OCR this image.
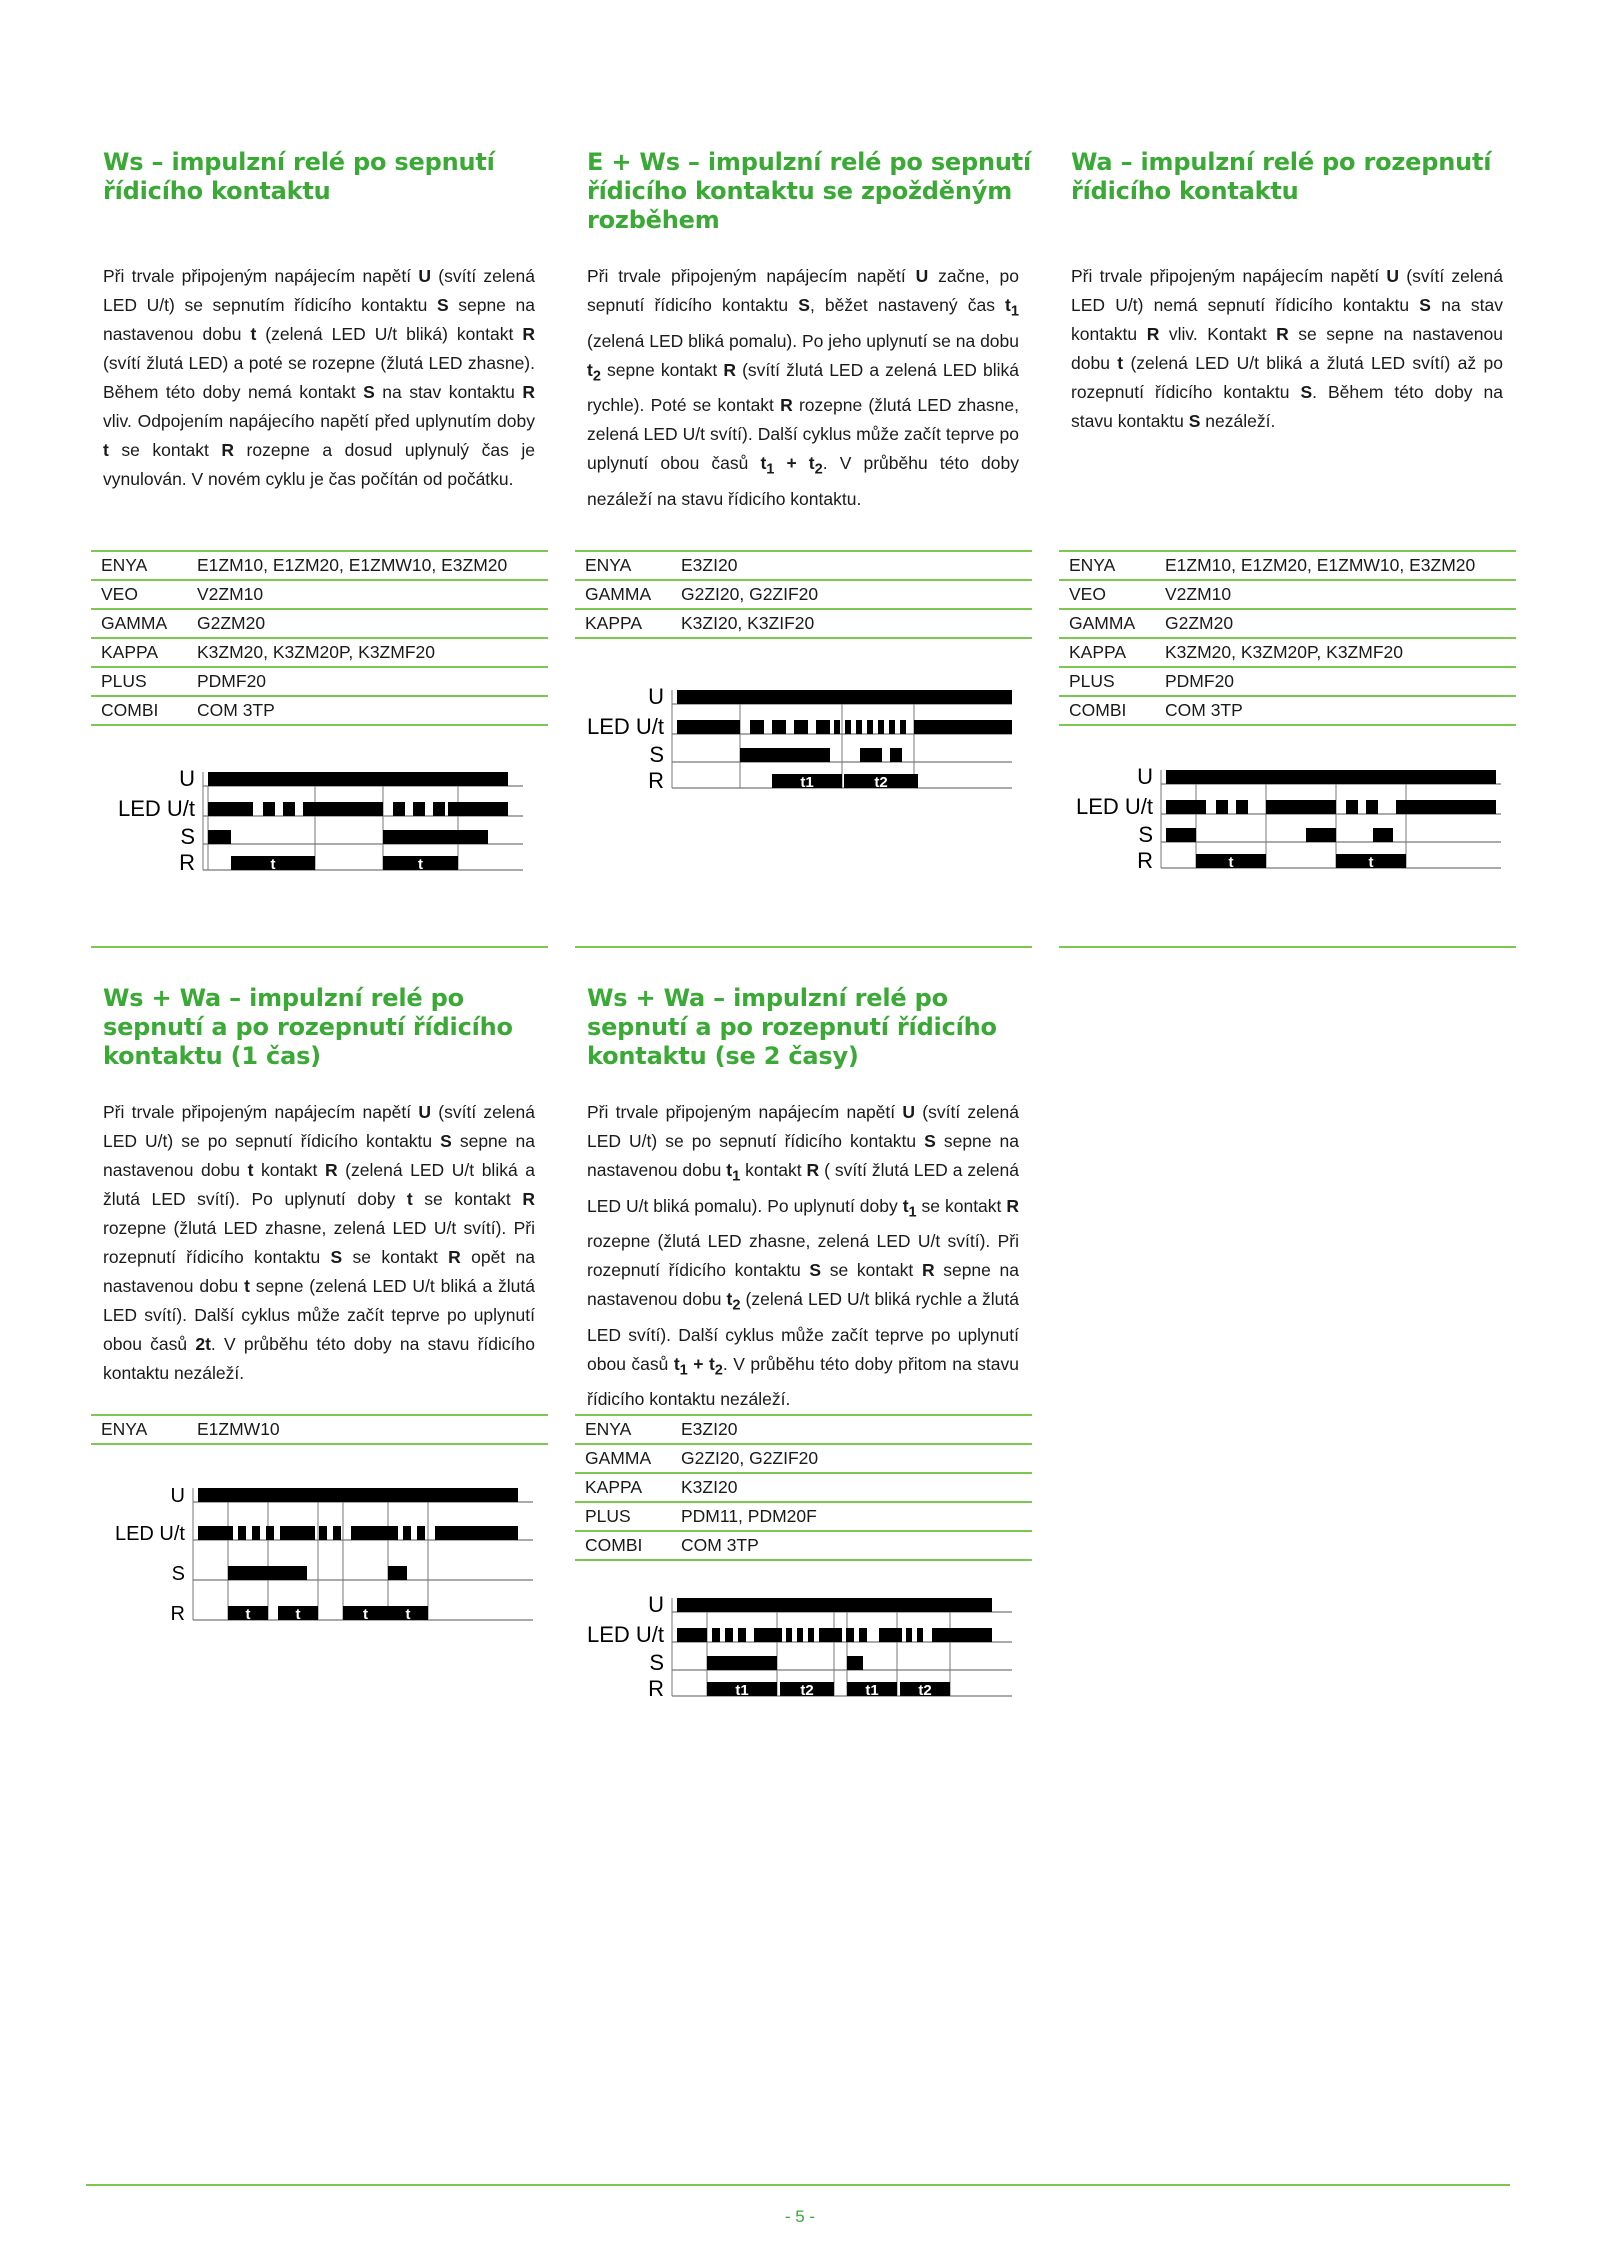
Ws – impulzní relé po sepnutí řídicího kontaktu

Při trvale připojeným napájecím napětí U (svítí zelená LED U/t) se sepnutím řídicího kontaktu S sepne na nastavenou dobu t (zelená LED U/t bliká) kontakt R (svítí žlutá LED) a poté se rozepne (žlutá LED zhasne). Během této doby nemá kontakt S na stav kontaktu R vliv. Odpojením napájecího napětí před uplynutím doby t se kontakt R rozepne a dosud uplynulý čas je vynulován. V novém cyklu je čas počítán od počátku.

ENYA	E1ZM10, E1ZM20, E1ZMW10, E3ZM20
VEO	V2ZM10
GAMMA	G2ZM20
KAPPA	K3ZM20, K3ZM20P, K3ZMF20
PLUS	PDMF20
COMBI	COM 3TP
U
LED U/t
S
R	t	t
E + Ws – impulzní relé po sepnutí řídicího kontaktu se zpožděným rozběhem

Při trvale připojeným napájecím napětí U začne, po sepnutí řídicího kontaktu S, běžet nastavený čas $t_1$ (zelená LED bliká pomalu). Po jeho uplynutí se na dobu $t_2$ sepne kontakt R (svítí žlutá LED a zelená LED bliká rychle). Poté se kontakt R rozepne (žlutá LED zhasne, zelená LED U/t svítí). Další cyklus může začít teprve po uplynutí obou časů $t_1 + t_2$. V průběhu této doby nezáleží na stavu řídicího kontaktu.

ENYA	E3ZI20
GAMMA	G2ZI20, G2ZIF20
KAPPA	K3ZI20, K3ZIF20
U
LED U/t
S
R	t1	t2
Wa – impulzní relé po rozepnutí řídicího kontaktu

Při trvale připojeným napájecím napětí U (svítí zelená LED U/t) nemá sepnutí řídicího kontaktu S na stav kontaktu R vliv. Kontakt R se sepne na nastavenou dobu t (zelená LED U/t bliká a žlutá LED svítí) až po rozepnutí řídicího kontaktu S. Během této doby na stavu kontaktu S nezáleží.

ENYA	E1ZM10, E1ZM20, E1ZMW10, E3ZM20
VEO	V2ZM10
GAMMA	G2ZM20
KAPPA	K3ZM20, K3ZM20P, K3ZMF20
PLUS	PDMF20
COMBI	COM 3TP
U
LED U/t
S
R	t	t
Ws + Wa – impulzní relé po sepnutí a po rozepnutí řídicího kontaktu (1 čas)

Při trvale připojeným napájecím napětí U (svítí zelená LED U/t) se po sepnutí řídicího kontaktu S sepne na nastavenou dobu t kontakt R (zelená LED U/t bliká a žlutá LED svítí). Po uplynutí doby t se kontakt R rozepne (žlutá LED zhasne, zelená LED U/t svítí). Při rozepnutí řídicího kontaktu S se kontakt R opět na nastavenou dobu t sepne (zelená LED U/t bliká a žlutá LED svítí). Další cyklus může začít teprve po uplynutí obou časů 2t. V průběhu této doby na stavu řídicího kontaktu nezáleží.

ENYA	E1ZMW10
U
LED U/t
S
R	t	t	t	t
Ws + Wa – impulzní relé po sepnutí a po rozepnutí řídicího kontaktu (se 2 časy)

Při trvale připojeným napájecím napětí U (svítí zelená LED U/t) se po sepnutí řídicího kontaktu S sepne na nastavenou dobu $t_1$ kontakt R ( svítí žlutá LED a zelená LED U/t bliká pomalu). Po uplynutí doby $t_1$ se kontakt R rozepne (žlutá LED zhasne, zelená LED U/t svítí). Při rozepnutí řídicího kontaktu S se kontakt R sepne na nastavenou dobu $t_2$ (zelená LED U/t bliká rychle a žlutá LED svítí). Další cyklus může začít teprve po uplynutí obou časů $t_1 + t_2$. V průběhu této doby přitom na stavu řídicího kontaktu nezáleží.

ENYA	E3ZI20
GAMMA	G2ZI20, G2ZIF20
KAPPA	K3ZI20
PLUS	PDM11, PDM20F
COMBI	COM 3TP
U
LED U/t
S
R	t1	t2	t1	t2
- 5 -
